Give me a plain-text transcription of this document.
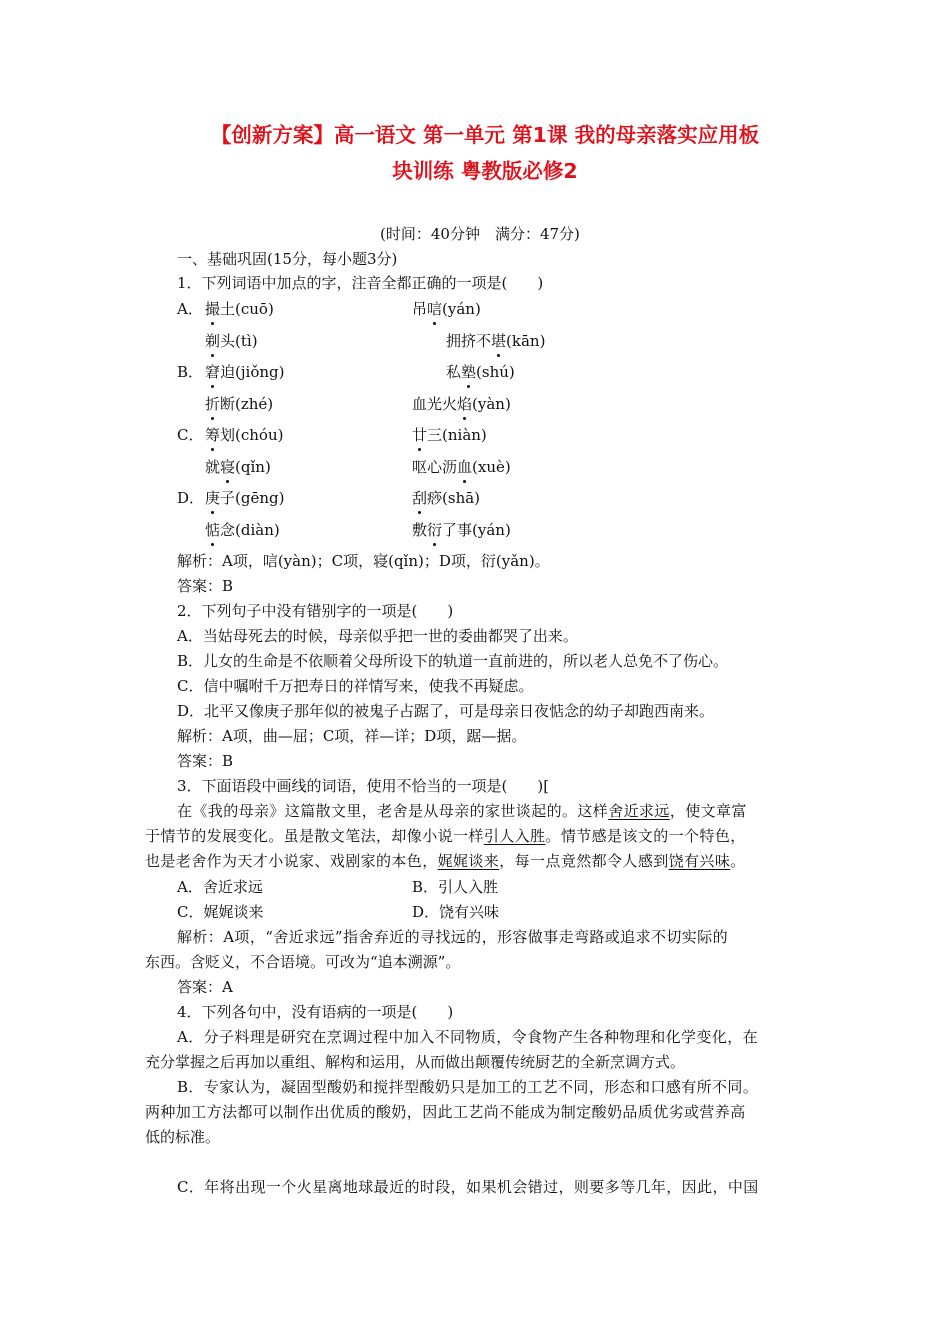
【创新方案】高一语文 第一单元 第1课 我的母亲落实应用板
块训练 粤教版必修2
(时间：40分钟　满分：47分)
一、基础巩固(15分，每小题3分)
1．下列词语中加点的字，注音全都正确的一项是(　　)
A． 撮土(cuō)	吊唁(yán)
剃头(tì)	拥挤不堪(kān)
B． 窘迫(jiǒng)	私塾(shú)
折断(zhé)	血光火焰(yàn)
C． 筹划(chóu)	廿三(niàn)
就寝(qǐn)	呕心沥血(xuè)
D． 庚子(gēng)	刮痧(shā)
惦念(diàn)	敷衍了事(yán)
解析：A项，唁(yàn)；C项，寝(qǐn)；D项，衍(yǎn)。
答案：B
2．下列句子中没有错别字的一项是(　　)
A．当姑母死去的时候，母亲似乎把一世的委曲都哭了出来。
B．儿女的生命是不依顺着父母所设下的轨道一直前进的，所以老人总免不了伤心。
C．信中嘱咐千万把寿日的祥情写来，使我不再疑虑。
D．北平又像庚子那年似的被鬼子占踞了，可是母亲日夜惦念的幼子却跑西南来。
解析：A项，曲—屈；C项，祥—详；D项，踞—据。
答案：B
3．下面语段中画线的词语，使用不恰当的一项是(　　)[
在《我的母亲》这篇散文里，老舍是从母亲的家世谈起的。这样舍近求远，使文章富
于情节的发展变化。虽是散文笔法，却像小说一样引人入胜。情节感是该文的一个特色，
也是老舍作为天才小说家、戏剧家的本色，娓娓谈来，每一点竟然都令人感到饶有兴味。
A．舍近求远	B．引人入胜
C．娓娓谈来	D．饶有兴味
解析：A项，“舍近求远”指舍弃近的寻找远的，形容做事走弯路或追求不切实际的
东西。含贬义，不合语境。可改为“追本溯源”。
答案：A
4．下列各句中，没有语病的一项是(　　)
A．分子料理是研究在烹调过程中加入不同物质，令食物产生各种物理和化学变化，在
充分掌握之后再加以重组、解构和运用，从而做出颠覆传统厨艺的全新烹调方式。
B．专家认为，凝固型酸奶和搅拌型酸奶只是加工的工艺不同，形态和口感有所不同。
两种加工方法都可以制作出优质的酸奶，因此工艺尚不能成为制定酸奶品质优劣或营养高
低的标准。
C．年将出现一个火星离地球最近的时段，如果机会错过，则要多等几年，因此，中国
